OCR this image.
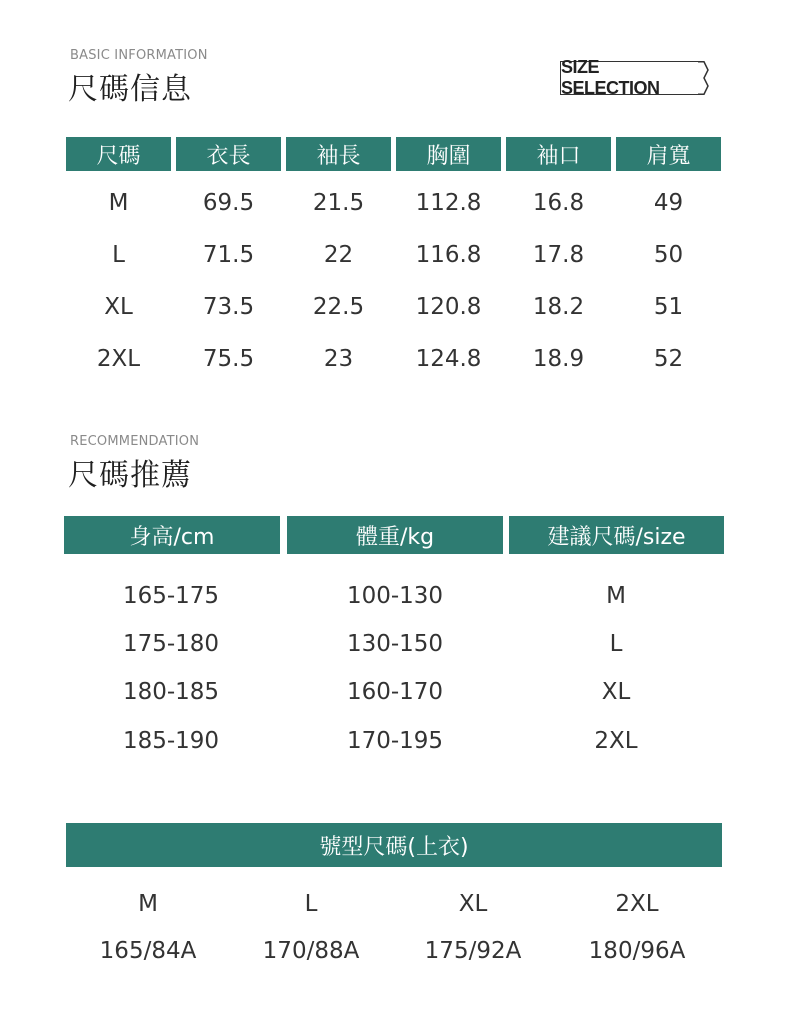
BASIC INFORMATION
尺碼信息
SIZE SELECTION
尺碼	衣長	袖長	胸圍	袖口	肩寬
M	69.5	21.5	112.8	16.8	49
L	71.5	22	116.8	17.8	50
XL	73.5	22.5	120.8	18.2	51
2XL	75.5	23	124.8	18.9	52
RECOMMENDATION
尺碼推薦
身高/cm	體重/kg	建議尺碼/size
165-175	100-130	M
175-180	130-150	L
180-185	160-170	XL
185-190	170-195	2XL
號型尺碼(上衣)
M	L	XL	2XL
165/84A	170/88A	175/92A	180/96A
